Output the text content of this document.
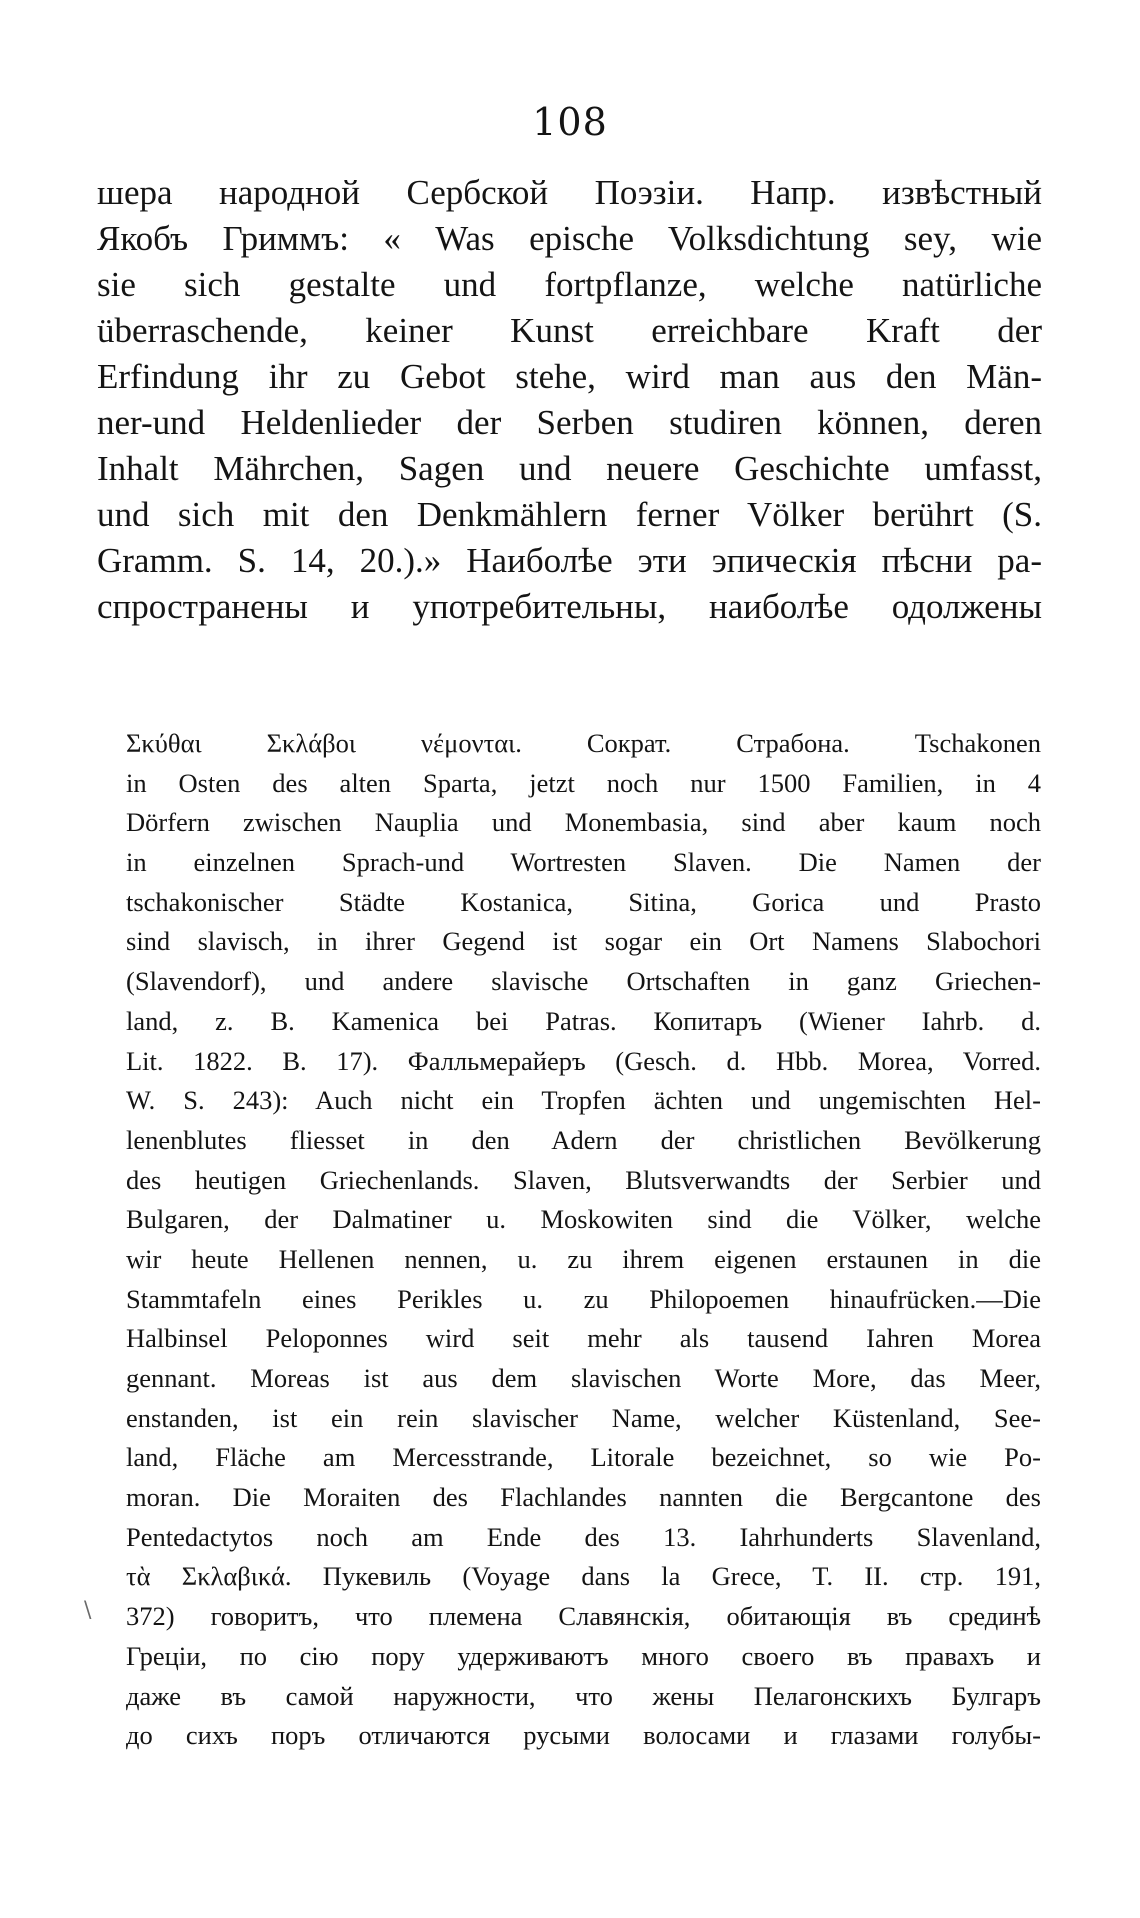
108
шера народной Сербской Поэзіи. Напр. извѣстный
Якобъ Гриммъ: « Was epische Volksdichtung sey, wie
sie sich gestalte und fortpflanze, welche natürliche
überraschende, keiner Kunst erreichbare Kraft der
Erfindung ihr zu Gebot stehe, wird man aus den Män-
ner-und Heldenlieder der Serben studiren können, deren
Inhalt Mährchen, Sagen und neuere Geschichte umfasst,
und sich mit den Denkmählern ferner Völker berührt (S.
Gramm. S. 14, 20.).» Наиболѣе эти эпическія пѣсни ра-
спространены и употребительны, наиболѣе одолжены
Σκύθαι Σκλάβοι νέμονται. Сократ. Страбона. Tschakonen
in Osten des alten Sparta, jetzt noch nur 1500 Familien, in 4
Dörfern zwischen Nauplia und Monembasia, sind aber kaum noch
in einzelnen Sprach-und Wortresten Slaven. Die Namen der
tschakonischer Städte Kostanica, Sitina, Gorica und Prasto
sind slavisch, in ihrer Gegend ist sogar ein Ort Namens Slabochori
(Slavendorf), und andere slavische Ortschaften in ganz Griechen-
land, z. B. Kamenica bei Patras. Копитаръ (Wiener Iahrb. d.
Lit. 1822. B. 17). Фалльмерайеръ (Gesch. d. Hbb. Morea, Vorred.
W. S. 243): Auch nicht ein Tropfen ächten und ungemischten Hel-
lenenblutes fliesset in den Adern der christlichen Bevölkerung
des heutigen Griechenlands. Slaven, Blutsverwandts der Serbier und
Bulgaren, der Dalmatiner u. Moskowiten sind die Völker, welche
wir heute Hellenen nennen, u. zu ihrem eigenen erstaunen in die
Stammtafeln eines Perikles u. zu Philopoemen hinaufrücken.—Die
Halbinsel Peloponnes wird seit mehr als tausend Iahren Morea
gennant. Moreas ist aus dem slavischen Worte More, das Meer,
enstanden, ist ein rein slavischer Name, welcher Küstenland, See-
land, Fläche am Mercesstrande, Litorale bezeichnet, so wie Po-
moran. Die Moraiten des Flachlandes nannten die Bergcantone des
Pentedactytos noch am Ende des 13. Iahrhunderts Slavenland,
τὰ Σκλαβικά. Пукевиль (Voyage dans la Grece, T. II. стр. 191,
372) говоритъ, что племена Славянскія, обитающія въ срединѣ
Греціи, по сію пору удерживаютъ много своего въ правахъ и
даже въ самой наружности, что жены Пелагонскихъ Булгаръ
до сихъ поръ отличаются русыми волосами и глазами голубы-
\
